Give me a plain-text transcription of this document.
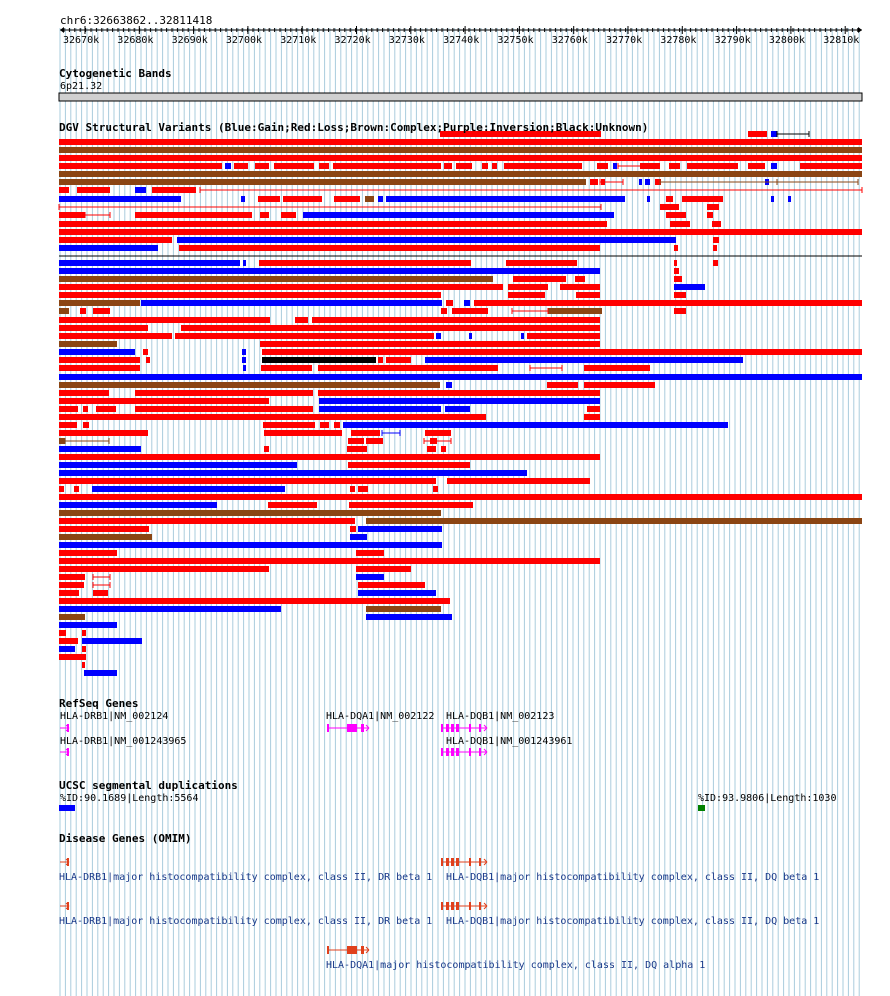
chr6:32663862..32811418
32670k 32680k 32690k 32700k 32710k 32720k 32730k 32740k 32750k 32760k 32770k 32780k 32790k 32800k 32810k
Cytogenetic Bands
6p21.32
DGV Structural Variants (Blue:Gain;Red:Loss;Brown:Complex;Purple:Inversion;Black:Unknown)
RefSeq Genes
HLA-DRB1|NM_002124
HLA-DRB1|NM_001243965
HLA-DQA1|NM_002122 HLA-DQB1|NM_002123
HLA-DQB1|NM_001243961
UCSC segmental duplications
%ID:90.1689|Length:5564	%ID:93.9806|Length:1030
Disease Genes (OMIM)
HLA-DRB1|major histocompatibility complex, class II, DR beta 1 HLA-DQB1|major histocompatibility complex, class II, DQ beta 1
HLA-DRB1|major histocompatibility complex, class II, DR beta 1 HLA-DQB1|major histocompatibility complex, class II, DQ beta 1
HLA-DQA1|major histocompatibility complex, class II, DQ alpha 1
